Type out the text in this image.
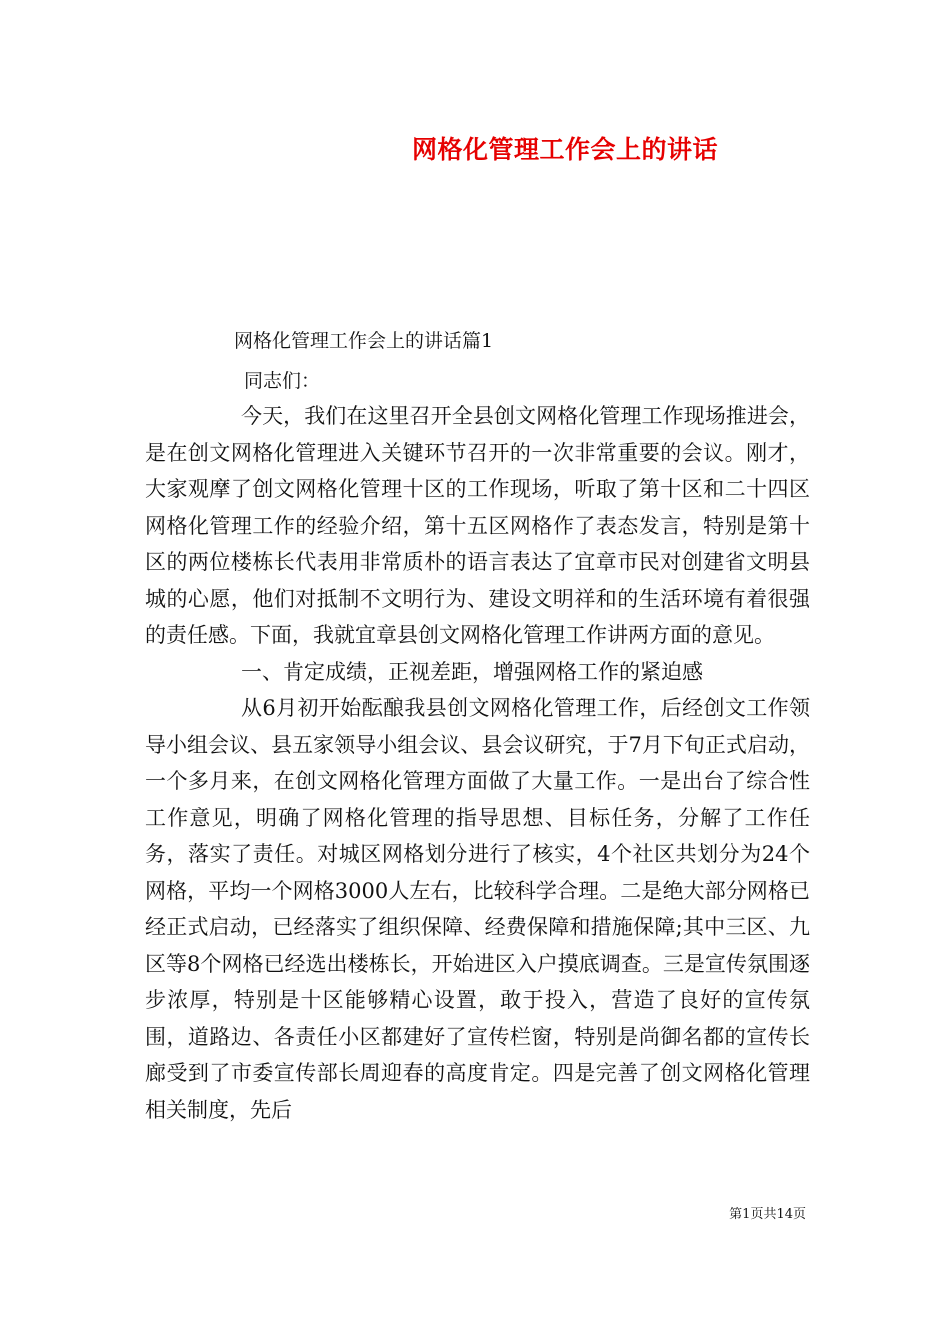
网格化管理工作会上的讲话
网格化管理工作会上的讲话篇1
同志们：

今天，我们在这里召开全县创文网格化管理工作现场推进会，是在创文网格化管理进入关键环节召开的一次非常重要的会议。刚才，大家观摩了创文网格化管理十区的工作现场，听取了第十区和二十四区网格化管理工作的经验介绍，第十五区网格作了表态发言，特别是第十区的两位楼栋长代表用非常质朴的语言表达了宜章市民对创建省文明县城的心愿，他们对抵制不文明行为、建设文明祥和的生活环境有着很强的责任感。下面，我就宜章县创文网格化管理工作讲两方面的意见。

一、肯定成绩，正视差距，增强网格工作的紧迫感

从6月初开始酝酿我县创文网格化管理工作，后经创文工作领导小组会议、县五家领导小组会议、县会议研究，于7月下旬正式启动，一个多月来，在创文网格化管理方面做了大量工作。一是出台了综合性工作意见，明确了网格化管理的指导思想、目标任务，分解了工作任务，落实了责任。对城区网格划分进行了核实，4个社区共划分为24个网格，平均一个网格3000人左右，比较科学合理。二是绝大部分网格已经正式启动，已经落实了组织保障、经费保障和措施保障;其中三区、九区等8个网格已经选出楼栋长，开始进区入户摸底调查。三是宣传氛围逐步浓厚，特别是十区能够精心设置，敢于投入，营造了良好的宣传氛围，道路边、各责任小区都建好了宣传栏窗，特别是尚御名都的宣传长廊受到了市委宣传部长周迎春的高度肯定。四是完善了创文网格化管理相关制度，先后

第1页共14页
